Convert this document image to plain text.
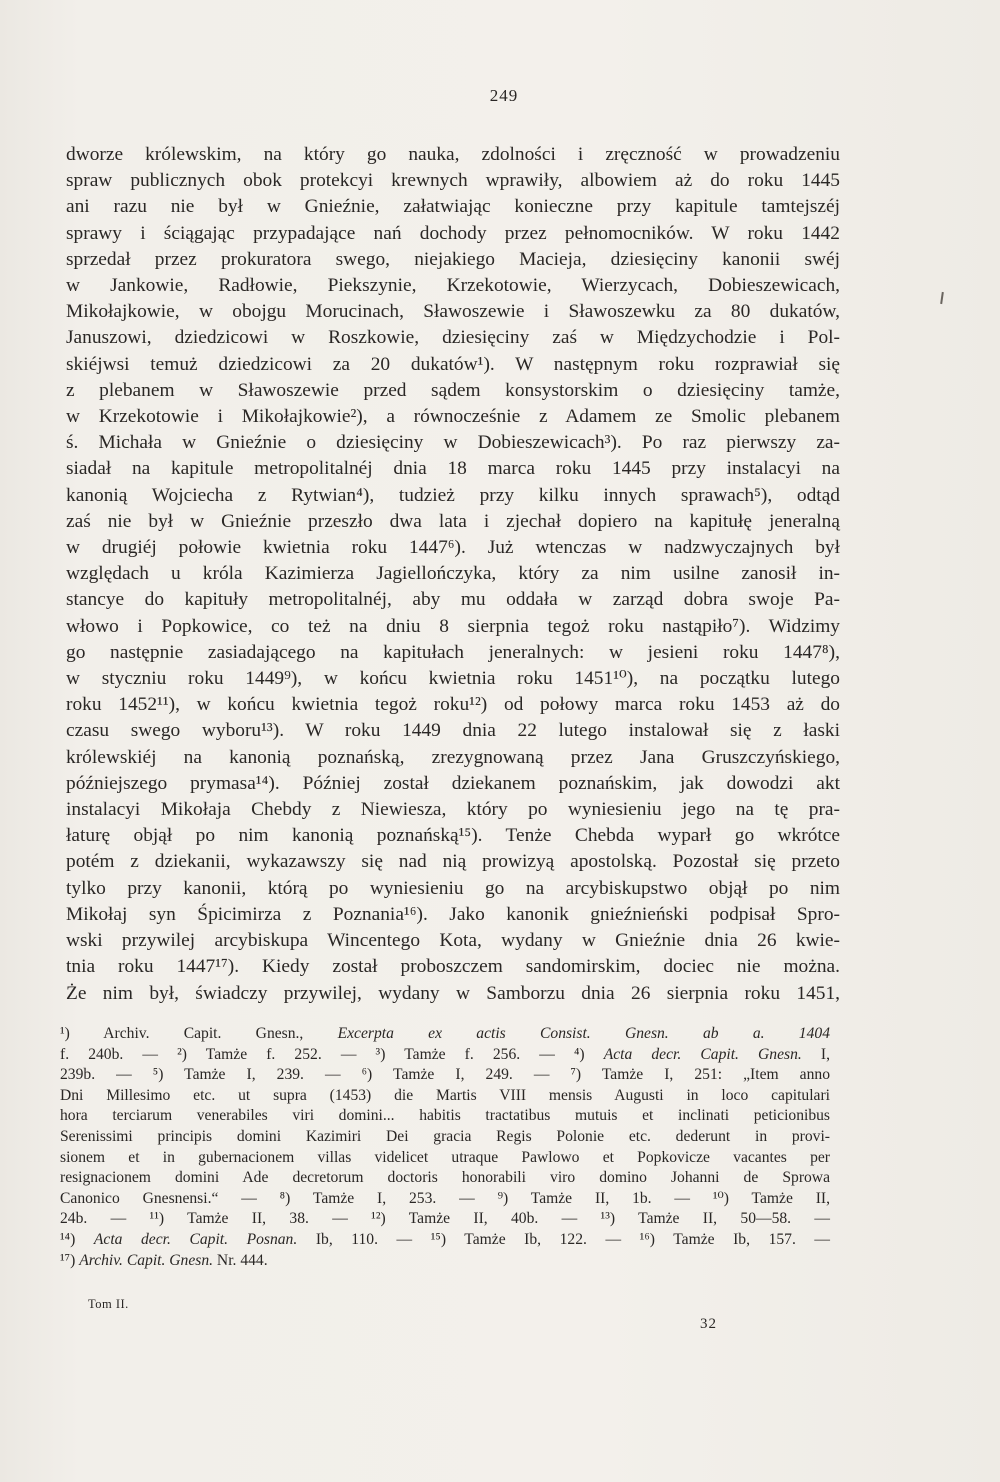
249
dworze królewskim, na który go nauka, zdolności i zręczność w prowadzeniu
spraw publicznych obok protekcyi krewnych wprawiły, albowiem aż do roku 1445
ani razu nie był w Gnieźnie, załatwiając konieczne przy kapitule tamtejszéj
sprawy i ściągając przypadające nań dochody przez pełnomocników. W roku 1442
sprzedał przez prokuratora swego, niejakiego Macieja, dziesięciny kanonii swéj
w Jankowie, Radłowie, Piekszynie, Krzekotowie, Wierzycach, Dobieszewicach,
Mikołajkowie, w obojgu Morucinach, Sławoszewie i Sławoszewku za 80 dukatów,
Januszowi, dziedzicowi w Roszkowie, dziesięciny zaś w Międzychodzie i Pol-
skiéjwsi temuż dziedzicowi za 20 dukatów¹). W następnym roku rozprawiał się
z plebanem w Sławoszewie przed sądem konsystorskim o dziesięciny tamże,
w Krzekotowie i Mikołajkowie²), a równocześnie z Adamem ze Smolic plebanem
ś. Michała w Gnieźnie o dziesięciny w Dobieszewicach³). Po raz pierwszy za-
siadał na kapitule metropolitalnéj dnia 18 marca roku 1445 przy instalacyi na
kanonią Wojciecha z Rytwian⁴), tudzież przy kilku innych sprawach⁵), odtąd
zaś nie był w Gnieźnie przeszło dwa lata i zjechał dopiero na kapitułę jeneralną
w drugiéj połowie kwietnia roku 1447⁶). Już wtenczas w nadzwyczajnych był
względach u króla Kazimierza Jagiellończyka, który za nim usilne zanosił in-
stancye do kapituły metropolitalnéj, aby mu oddała w zarząd dobra swoje Pa-
włowo i Popkowice, co też na dniu 8 sierpnia tegoż roku nastąpiło⁷). Widzimy
go następnie zasiadającego na kapitułach jeneralnych: w jesieni roku 1447⁸),
w styczniu roku 1449⁹), w końcu kwietnia roku 1451¹⁰), na początku lutego
roku 1452¹¹), w końcu kwietnia tegoż roku¹²) od połowy marca roku 1453 aż do
czasu swego wyboru¹³). W roku 1449 dnia 22 lutego instalował się z łaski
królewskiéj na kanonią poznańską, zrezygnowaną przez Jana Gruszczyńskiego,
późniejszego prymasa¹⁴). Później został dziekanem poznańskim, jak dowodzi akt
instalacyi Mikołaja Chebdy z Niewiesza, który po wyniesieniu jego na tę pra-
łaturę objął po nim kanonią poznańską¹⁵). Tenże Chebda wyparł go wkrótce
potém z dziekanii, wykazawszy się nad nią prowizyą apostolską. Pozostał się przeto
tylko przy kanonii, którą po wyniesieniu go na arcybiskupstwo objął po nim
Mikołaj syn Śpicimirza z Poznania¹⁶). Jako kanonik gnieźnieński podpisał Spro-
wski przywilej arcybiskupa Wincentego Kota, wydany w Gnieźnie dnia 26 kwie-
tnia roku 1447¹⁷). Kiedy został proboszczem sandomirskim, dociec nie można.
Że nim był, świadczy przywilej, wydany w Samborzu dnia 26 sierpnia roku 1451,
¹) Archiv. Capit. Gnesn., Excerpta ex actis Consist. Gnesn. ab a. 1404
f. 240b. — ²) Tamże f. 252. — ³) Tamże f. 256. — ⁴) Acta decr. Capit. Gnesn. I,
239b. — ⁵) Tamże I, 239. — ⁶) Tamże I, 249. — ⁷) Tamże I, 251: „Item anno
Dni Millesimo etc. ut supra (1453) die Martis VIII mensis Augusti in loco capitulari
hora terciarum venerabiles viri domini... habitis tractatibus mutuis et inclinati peticionibus
Serenissimi principis domini Kazimiri Dei gracia Regis Polonie etc. dederunt in provi-
sionem et in gubernacionem villas videlicet utraque Pawlowo et Popkovicze vacantes per
resignacionem domini Ade decretorum doctoris honorabili viro domino Johanni de Sprowa
Canonico Gnesnensi.“ — ⁸) Tamże I, 253. — ⁹) Tamże II, 1b. — ¹⁰) Tamże II,
24b. — ¹¹) Tamże II, 38. — ¹²) Tamże II, 40b. — ¹³) Tamże II, 50—58. —
¹⁴) Acta decr. Capit. Posnan. Ib, 110. — ¹⁵) Tamże Ib, 122. — ¹⁶) Tamże Ib, 157. —
¹⁷) Archiv. Capit. Gnesn. Nr. 444.
Tom II.
32
